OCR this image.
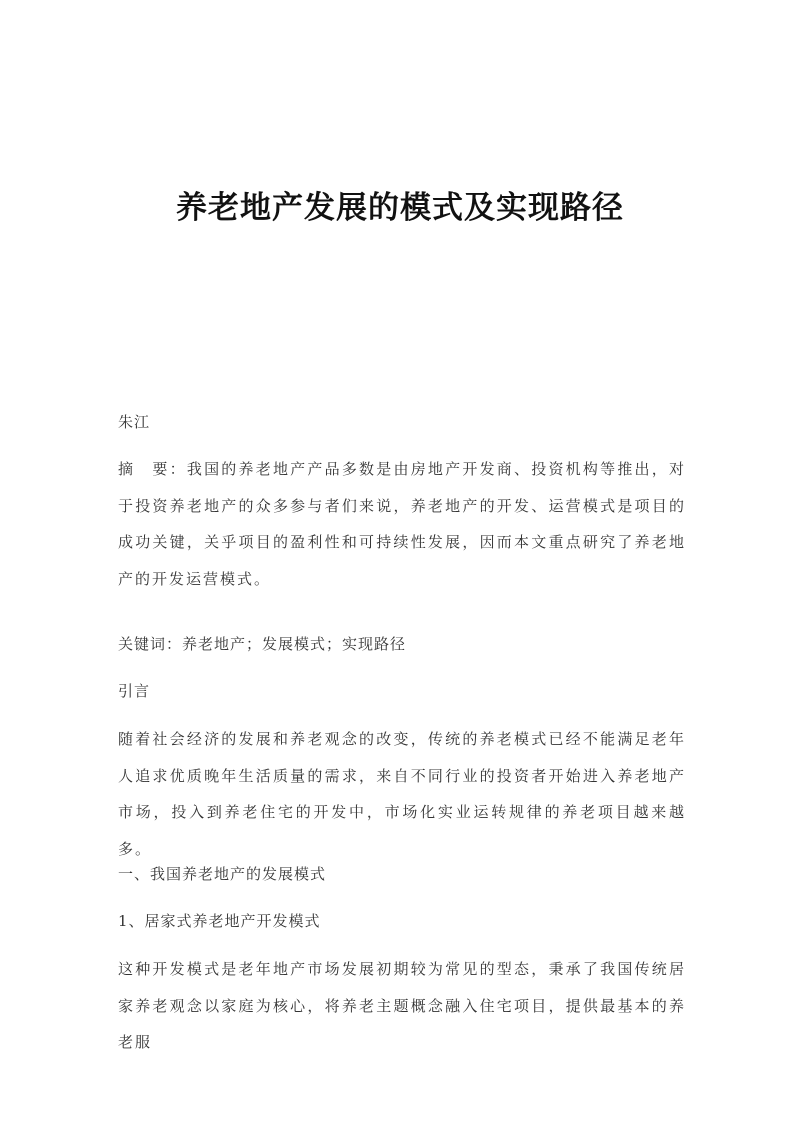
养老地产发展的模式及实现路径

朱江

摘　要：我国的养老地产产品多数是由房地产开发商、投资机构等推出，对于投资养老地产的众多参与者们来说，养老地产的开发、运营模式是项目的成功关键，关乎项目的盈利性和可持续性发展，因而本文重点研究了养老地产的开发运营模式。

关键词：养老地产；发展模式；实现路径

引言

随着社会经济的发展和养老观念的改变，传统的养老模式已经不能满足老年人追求优质晚年生活质量的需求，来自不同行业的投资者开始进入养老地产市场，投入到养老住宅的开发中，市场化实业运转规律的养老项目越来越多。

一、我国养老地产的发展模式

1、居家式养老地产开发模式

这种开发模式是老年地产市场发展初期较为常见的型态，秉承了我国传统居家养老观念以家庭为核心，将养老主题概念融入住宅项目，提供最基本的养老服
